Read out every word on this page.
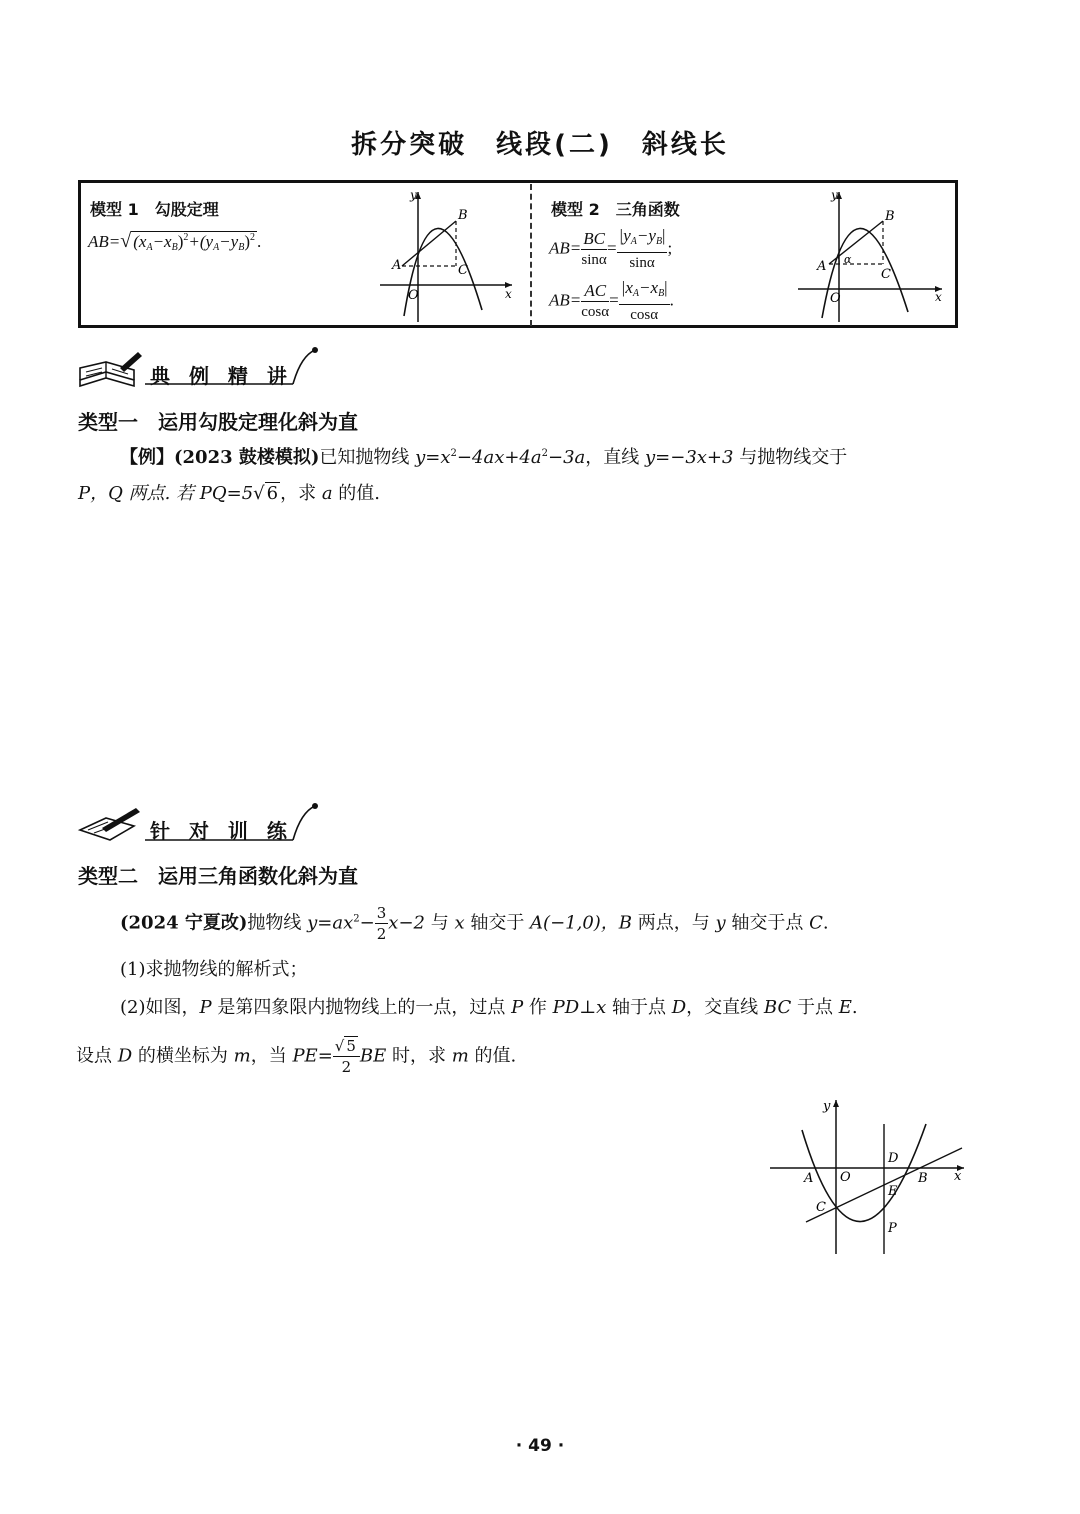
拆分突破　线段(二)　斜线长
模型 1　勾股定理
AB=√ $(x_A-x_B)^2+(y_A-y_B)^2$ .
y
x
O
A
B
C
模型 2　三角函数
$AB= \frac{BC}{\sin\alpha} = \frac{|y_A-y_B|}{\sin\alpha}$ ;
$AB= \frac{AC}{\cos\alpha} = \frac{|x_A-x_B|}{\cos\alpha}$ .
y
x
O
A
B
C
α
典 例 精 讲
类型一 运用勾股定理化斜为直
【例】(2023 鼓楼模拟)已知抛物线 $y=x^2-4ax+4a^2-3a$，直线 y=−3x+3 与抛物线交于
P，Q 两点. 若 PQ=5√ 6 ，求 a 的值.
针 对 训 练
类型二 运用三角函数化斜为直
(2024 宁夏改)抛物线 $y=ax^2- \frac{3}{2} x-2$ 与 x 轴交于 A(−1,0)，B 两点，与 y 轴交于点 C.
(1)求抛物线的解析式；
(2)如图，P 是第四象限内抛物线上的一点，过点 P 作 PD⊥x 轴于点 D，交直线 BC 于点 E.
设点 D 的横坐标为 m，当 $PE= \frac{√ 5}{2}$ BE 时，求 m 的值.
y
x
O
A	B
C
D
E
P
· 49 ·
